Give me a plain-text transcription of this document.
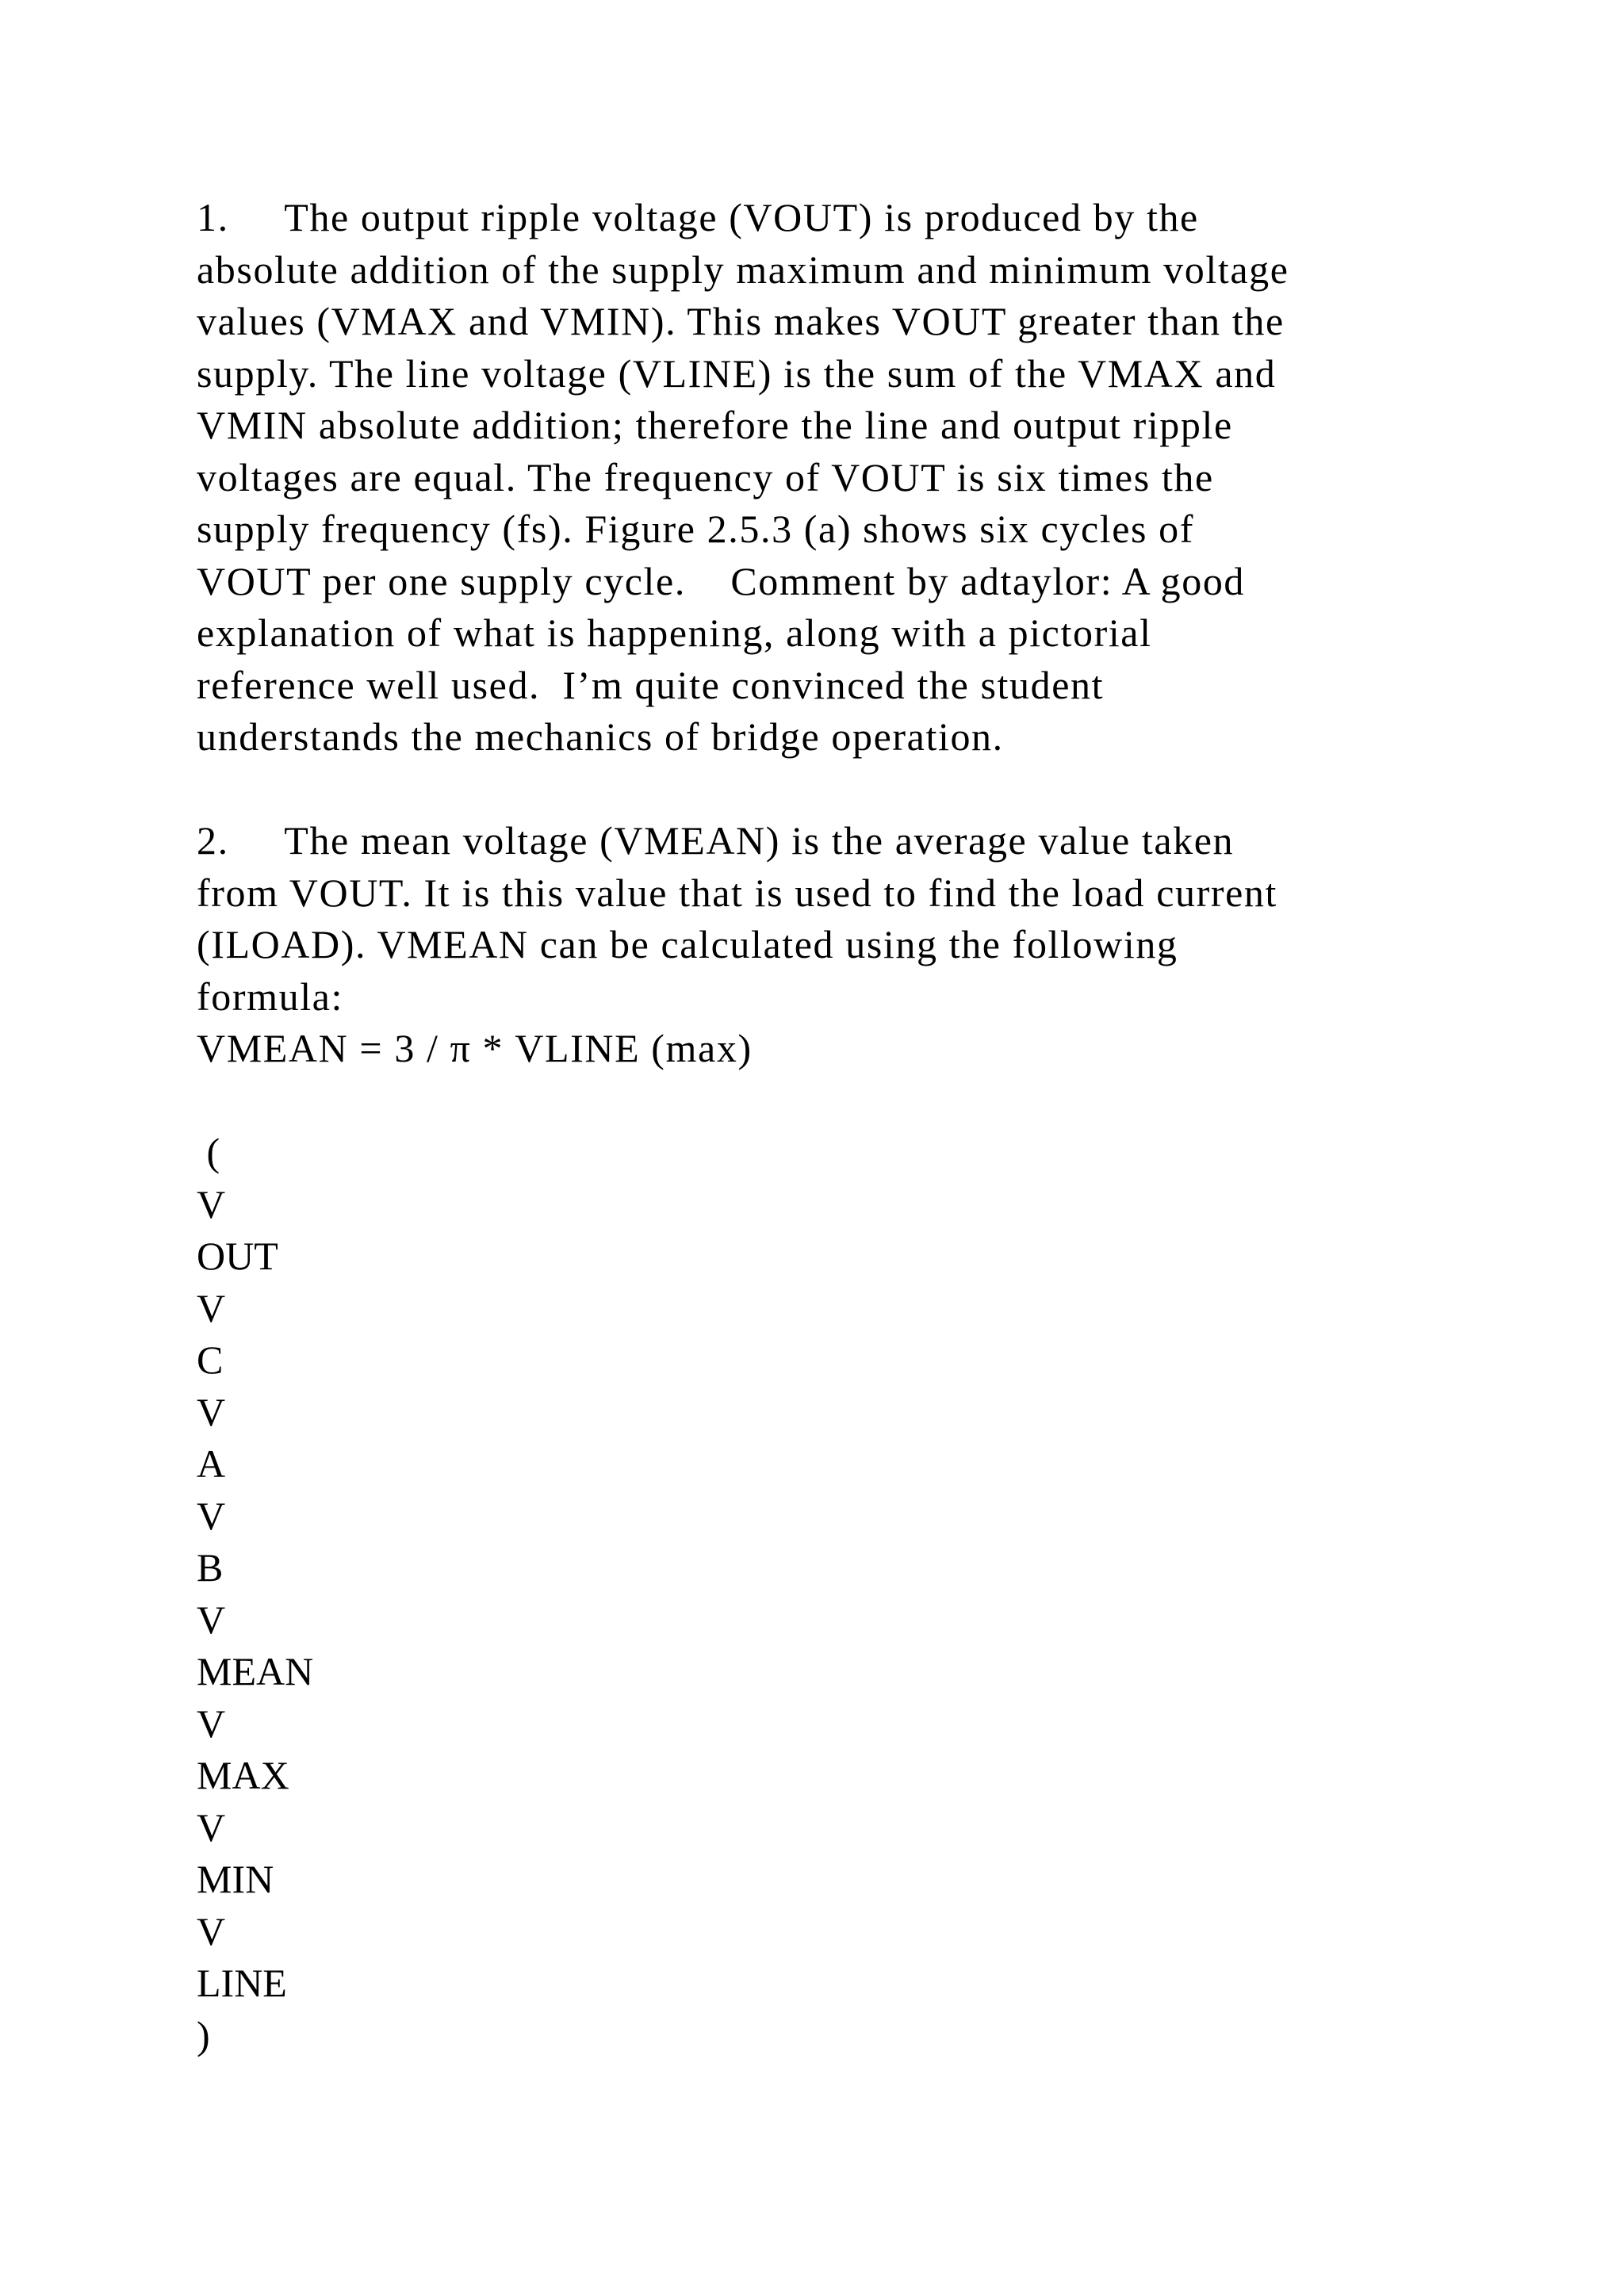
1.     The output ripple voltage (VOUT) is produced by the
absolute addition of the supply maximum and minimum voltage
values (VMAX and VMIN). This makes VOUT greater than the
supply. The line voltage (VLINE) is the sum of the VMAX and
VMIN absolute addition; therefore the line and output ripple
voltages are equal. The frequency of VOUT is six times the
supply frequency (fs). Figure 2.5.3 (a) shows six cycles of
VOUT per one supply cycle.    Comment by adtaylor: A good
explanation of what is happening, along with a pictorial
reference well used.  I’m quite convinced the student
understands the mechanics of bridge operation.
2.     The mean voltage (VMEAN) is the average value taken
from VOUT. It is this value that is used to find the load current
(ILOAD). VMEAN can be calculated using the following
formula:
VMEAN = 3 / π * VLINE (max)
(
V
OUT
V
C
V
A
V
B
V
MEAN
V
MAX
V
MIN
V
LINE
)
